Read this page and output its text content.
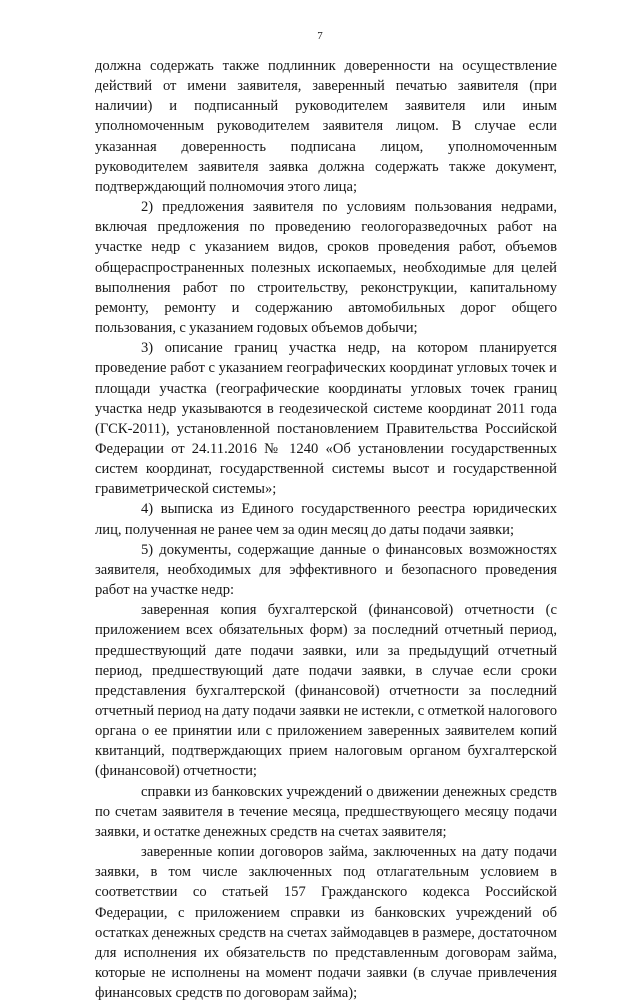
7

должна содержать также подлинник доверенности на осуществление действий от имени заявителя, заверенный печатью заявителя (при наличии) и подписанный руководителем заявителя или иным уполномоченным руководителем заявителя лицом. В случае если указанная доверенность подписана лицом, уполномоченным руководителем заявителя заявка должна содержать также документ, подтверждающий полномочия этого лица;

2) предложения заявителя по условиям пользования недрами, включая предложения по проведению геологоразведочных работ на участке недр с указанием видов, сроков проведения работ, объемов общераспространенных полезных ископаемых, необходимые для целей выполнения работ по строительству, реконструкции, капитальному ремонту, ремонту и содержанию автомобильных дорог общего пользования, с указанием годовых объемов добычи;

3) описание границ участка недр, на котором планируется проведение работ с указанием географических координат угловых точек и площади участка (географические координаты угловых точек границ участка недр указываются в геодезической системе координат 2011 года (ГСК-2011), установленной постановлением Правительства Российской Федерации от 24.11.2016 № 1240 «Об установлении государственных систем координат, государственной системы высот и государственной гравиметрической системы»;

4) выписка из Единого государственного реестра юридических лиц, полученная не ранее чем за один месяц до даты подачи заявки;

5) документы, содержащие данные о финансовых возможностях заявителя, необходимых для эффективного и безопасного проведения работ на участке недр:

заверенная копия бухгалтерской (финансовой) отчетности (с приложением всех обязательных форм) за последний отчетный период, предшествующий дате подачи заявки, или за предыдущий отчетный период, предшествующий дате подачи заявки, в случае если сроки представления бухгалтерской (финансовой) отчетности за последний отчетный период на дату подачи заявки не истекли, с отметкой налогового органа о ее принятии или с приложением заверенных заявителем копий квитанций, подтверждающих прием налоговым органом бухгалтерской (финансовой) отчетности;

справки из банковских учреждений о движении денежных средств по счетам заявителя в течение месяца, предшествующего месяцу подачи заявки, и остатке денежных средств на счетах заявителя;

заверенные копии договоров займа, заключенных на дату подачи заявки, в том числе заключенных под отлагательным условием в соответствии со статьей 157 Гражданского кодекса Российской Федерации, с приложением справки из банковских учреждений об остатках денежных средств на счетах займодавцев в размере, достаточном для исполнения их обязательств по представленным договорам займа, которые не исполнены на момент подачи заявки (в случае привлечения финансовых средств по договорам займа);
